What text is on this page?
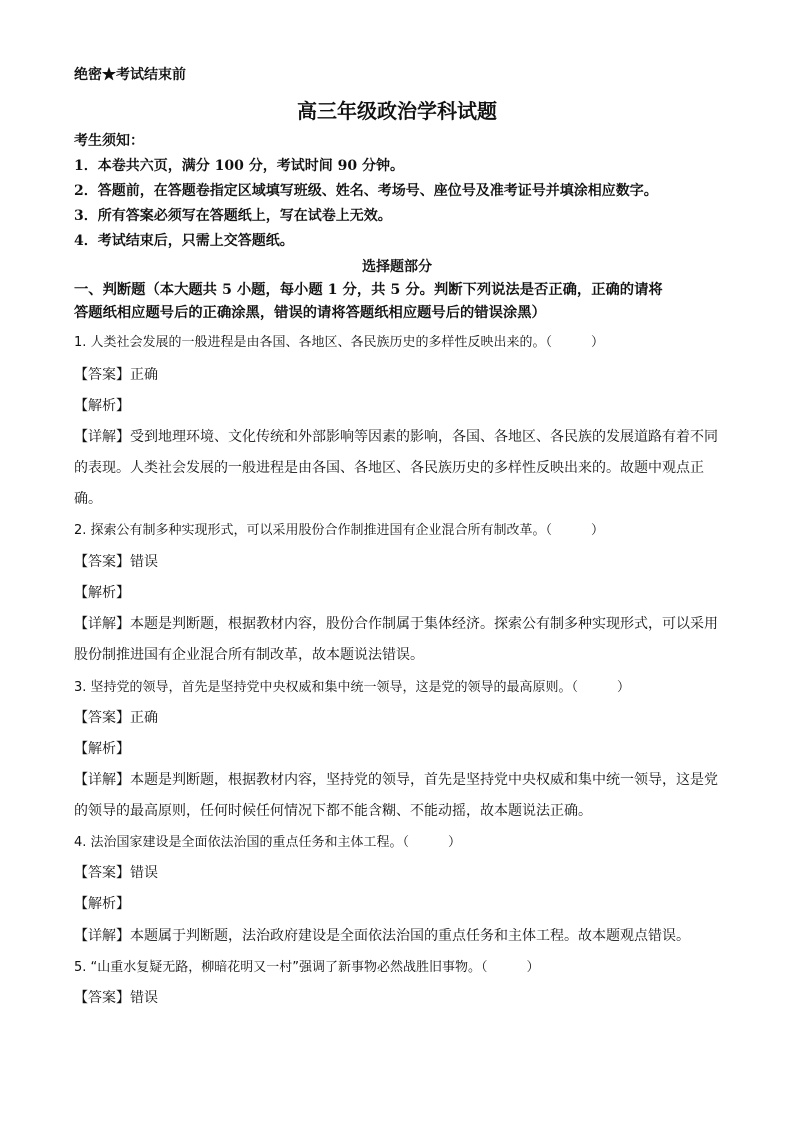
绝密★考试结束前
高三年级政治学科试题
考生须知：
1．本卷共六页，满分 100 分，考试时间 90 分钟。
2．答题前，在答题卷指定区域填写班级、姓名、考场号、座位号及准考证号并填涂相应数字。
3．所有答案必须写在答题纸上，写在试卷上无效。
4．考试结束后，只需上交答题纸。
选择题部分
一、判断题（本大题共 5 小题，每小题 1 分，共 5 分。判断下列说法是否正确，正确的请将
答题纸相应题号后的正确涂黑，错误的请将答题纸相应题号后的错误涂黑）
1. 人类社会发展的一般进程是由各国、各地区、各民族历史的多样性反映出来的。（　　　）
【答案】正确
【解析】
【详解】受到地理环境、文化传统和外部影响等因素的影响，各国、各地区、各民族的发展道路有着不同
的表现。人类社会发展的一般进程是由各国、各地区、各民族历史的多样性反映出来的。故题中观点正
确。
2. 探索公有制多种实现形式，可以采用股份合作制推进国有企业混合所有制改革。（　　　）
【答案】错误
【解析】
【详解】本题是判断题，根据教材内容，股份合作制属于集体经济。探索公有制多种实现形式，可以采用
股份制推进国有企业混合所有制改革，故本题说法错误。
3. 坚持党的领导，首先是坚持党中央权威和集中统一领导，这是党的领导的最高原则。（　　　）
【答案】正确
【解析】
【详解】本题是判断题，根据教材内容，坚持党的领导，首先是坚持党中央权威和集中统一领导，这是党
的领导的最高原则，任何时候任何情况下都不能含糊、不能动摇，故本题说法正确。
4. 法治国家建设是全面依法治国的重点任务和主体工程。（　　　）
【答案】错误
【解析】
【详解】本题属于判断题，法治政府建设是全面依法治国的重点任务和主体工程。故本题观点错误。
5. “山重水复疑无路，柳暗花明又一村”强调了新事物必然战胜旧事物。（　　　）
【答案】错误
